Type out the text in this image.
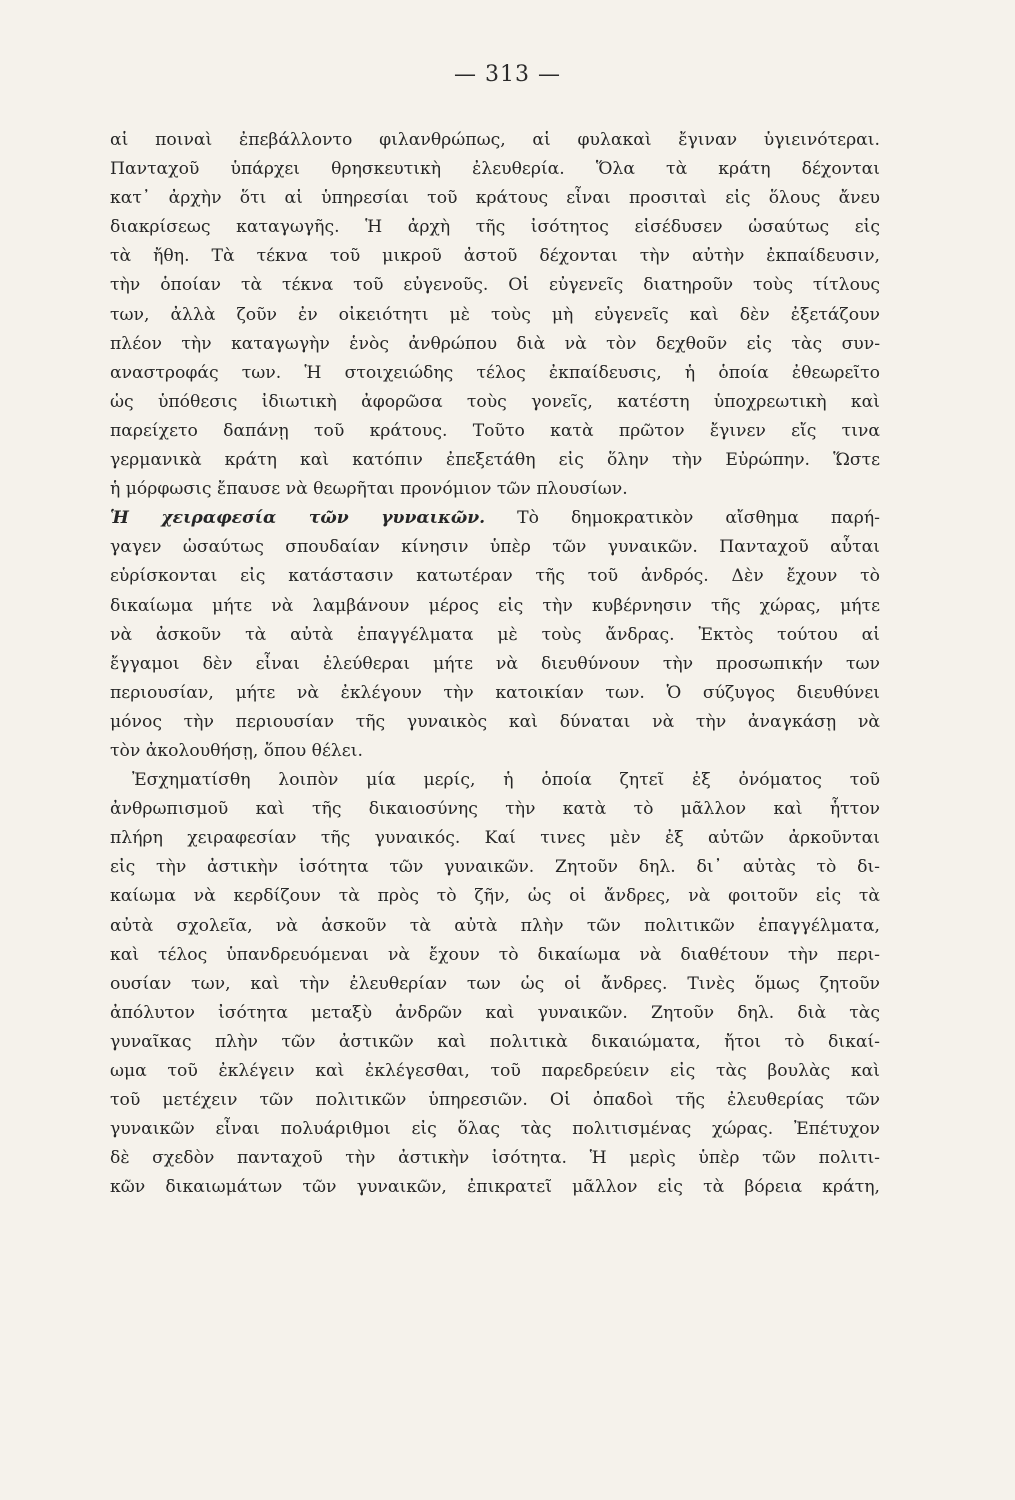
— 313 —
αἱ ποιναὶ ἐπεβάλλοντο φιλανθρώπως, αἱ φυλακαὶ ἔγιναν ὑγιεινότεραι.
Πανταχοῦ ὑπάρχει θρησκευτικὴ ἐλευθερία. Ὅλα τὰ κράτη δέχονται
κατ᾽ ἀρχὴν ὅτι αἱ ὑπηρεσίαι τοῦ κράτους εἶναι προσιταὶ εἰς ὅλους ἄνευ
διακρίσεως καταγωγῆς. Ἡ ἀρχὴ τῆς ἰσότητος εἰσέδυσεν ὡσαύτως εἰς
τὰ ἤθη. Τὰ τέκνα τοῦ μικροῦ ἀστοῦ δέχονται τὴν αὐτὴν ἐκπαίδευσιν,
τὴν ὁποίαν τὰ τέκνα τοῦ εὐγενοῦς. Οἱ εὐγενεῖς διατηροῦν τοὺς τίτλους
των, ἀλλὰ ζοῦν ἐν οἰκειότητι μὲ τοὺς μὴ εὐγενεῖς καὶ δὲν ἐξετάζουν
πλέον τὴν καταγωγὴν ἑνὸς ἀνθρώπου διὰ νὰ τὸν δεχθοῦν εἰς τὰς συν-
αναστροφάς των. Ἡ στοιχειώδης τέλος ἐκπαίδευσις, ἡ ὁποία ἐθεωρεῖτο
ὡς ὑπόθεσις ἰδιωτικὴ ἀφορῶσα τοὺς γονεῖς, κατέστη ὑποχρεωτικὴ καὶ
παρείχετο δαπάνῃ τοῦ κράτους. Τοῦτο κατὰ πρῶτον ἔγινεν εἴς τινα
γερμανικὰ κράτη καὶ κατόπιν ἐπεξετάθη εἰς ὅλην τὴν Εὐρώπην. Ὥστε
ἡ μόρφωσις ἔπαυσε νὰ θεωρῆται προνόμιον τῶν πλουσίων.
Ἡ χειραφεσία τῶν γυναικῶν. Τὸ δημοκρατικὸν αἴσθημα παρή-
γαγεν ὡσαύτως σπουδαίαν κίνησιν ὑπὲρ τῶν γυναικῶν. Πανταχοῦ αὗται
εὑρίσκονται εἰς κατάστασιν κατωτέραν τῆς τοῦ ἀνδρός. Δὲν ἔχουν τὸ
δικαίωμα μήτε νὰ λαμβάνουν μέρος εἰς τὴν κυβέρνησιν τῆς χώρας, μήτε
νὰ ἀσκοῦν τὰ αὐτὰ ἐπαγγέλματα μὲ τοὺς ἄνδρας. Ἐκτὸς τούτου αἱ
ἔγγαμοι δὲν εἶναι ἐλεύθεραι μήτε νὰ διευθύνουν τὴν προσωπικήν των
περιουσίαν, μήτε νὰ ἐκλέγουν τὴν κατοικίαν των. Ὁ σύζυγος διευθύνει
μόνος τὴν περιουσίαν τῆς γυναικὸς καὶ δύναται νὰ τὴν ἀναγκάσῃ νὰ
τὸν ἀκολουθήσῃ, ὅπου θέλει.
Ἐσχηματίσθη λοιπὸν μία μερίς, ἡ ὁποία ζητεῖ ἐξ ὀνόματος τοῦ
ἀνθρωπισμοῦ καὶ τῆς δικαιοσύνης τὴν κατὰ τὸ μᾶλλον καὶ ἧττον
πλήρη χειραφεσίαν τῆς γυναικός. Καί τινες μὲν ἐξ αὐτῶν ἀρκοῦνται
εἰς τὴν ἀστικὴν ἰσότητα τῶν γυναικῶν. Ζητοῦν δηλ. δι᾽ αὐτὰς τὸ δι-
καίωμα νὰ κερδίζουν τὰ πρὸς τὸ ζῆν, ὡς οἱ ἄνδρες, νὰ φοιτοῦν εἰς τὰ
αὐτὰ σχολεῖα, νὰ ἀσκοῦν τὰ αὐτὰ πλὴν τῶν πολιτικῶν ἐπαγγέλματα,
καὶ τέλος ὑπανδρευόμεναι νὰ ἔχουν τὸ δικαίωμα νὰ διαθέτουν τὴν περι-
ουσίαν των, καὶ τὴν ἐλευθερίαν των ὡς οἱ ἄνδρες. Τινὲς ὅμως ζητοῦν
ἀπόλυτον ἰσότητα μεταξὺ ἀνδρῶν καὶ γυναικῶν. Ζητοῦν δηλ. διὰ τὰς
γυναῖκας πλὴν τῶν ἀστικῶν καὶ πολιτικὰ δικαιώματα, ἤτοι τὸ δικαί-
ωμα τοῦ ἐκλέγειν καὶ ἐκλέγεσθαι, τοῦ παρεδρεύειν εἰς τὰς βουλὰς καὶ
τοῦ μετέχειν τῶν πολιτικῶν ὑπηρεσιῶν. Οἱ ὀπαδοὶ τῆς ἐλευθερίας τῶν
γυναικῶν εἶναι πολυάριθμοι εἰς ὅλας τὰς πολιτισμένας χώρας. Ἐπέτυχον
δὲ σχεδὸν πανταχοῦ τὴν ἀστικὴν ἰσότητα. Ἡ μερὶς ὑπὲρ τῶν πολιτι-
κῶν δικαιωμάτων τῶν γυναικῶν, ἐπικρατεῖ μᾶλλον εἰς τὰ βόρεια κράτη,
